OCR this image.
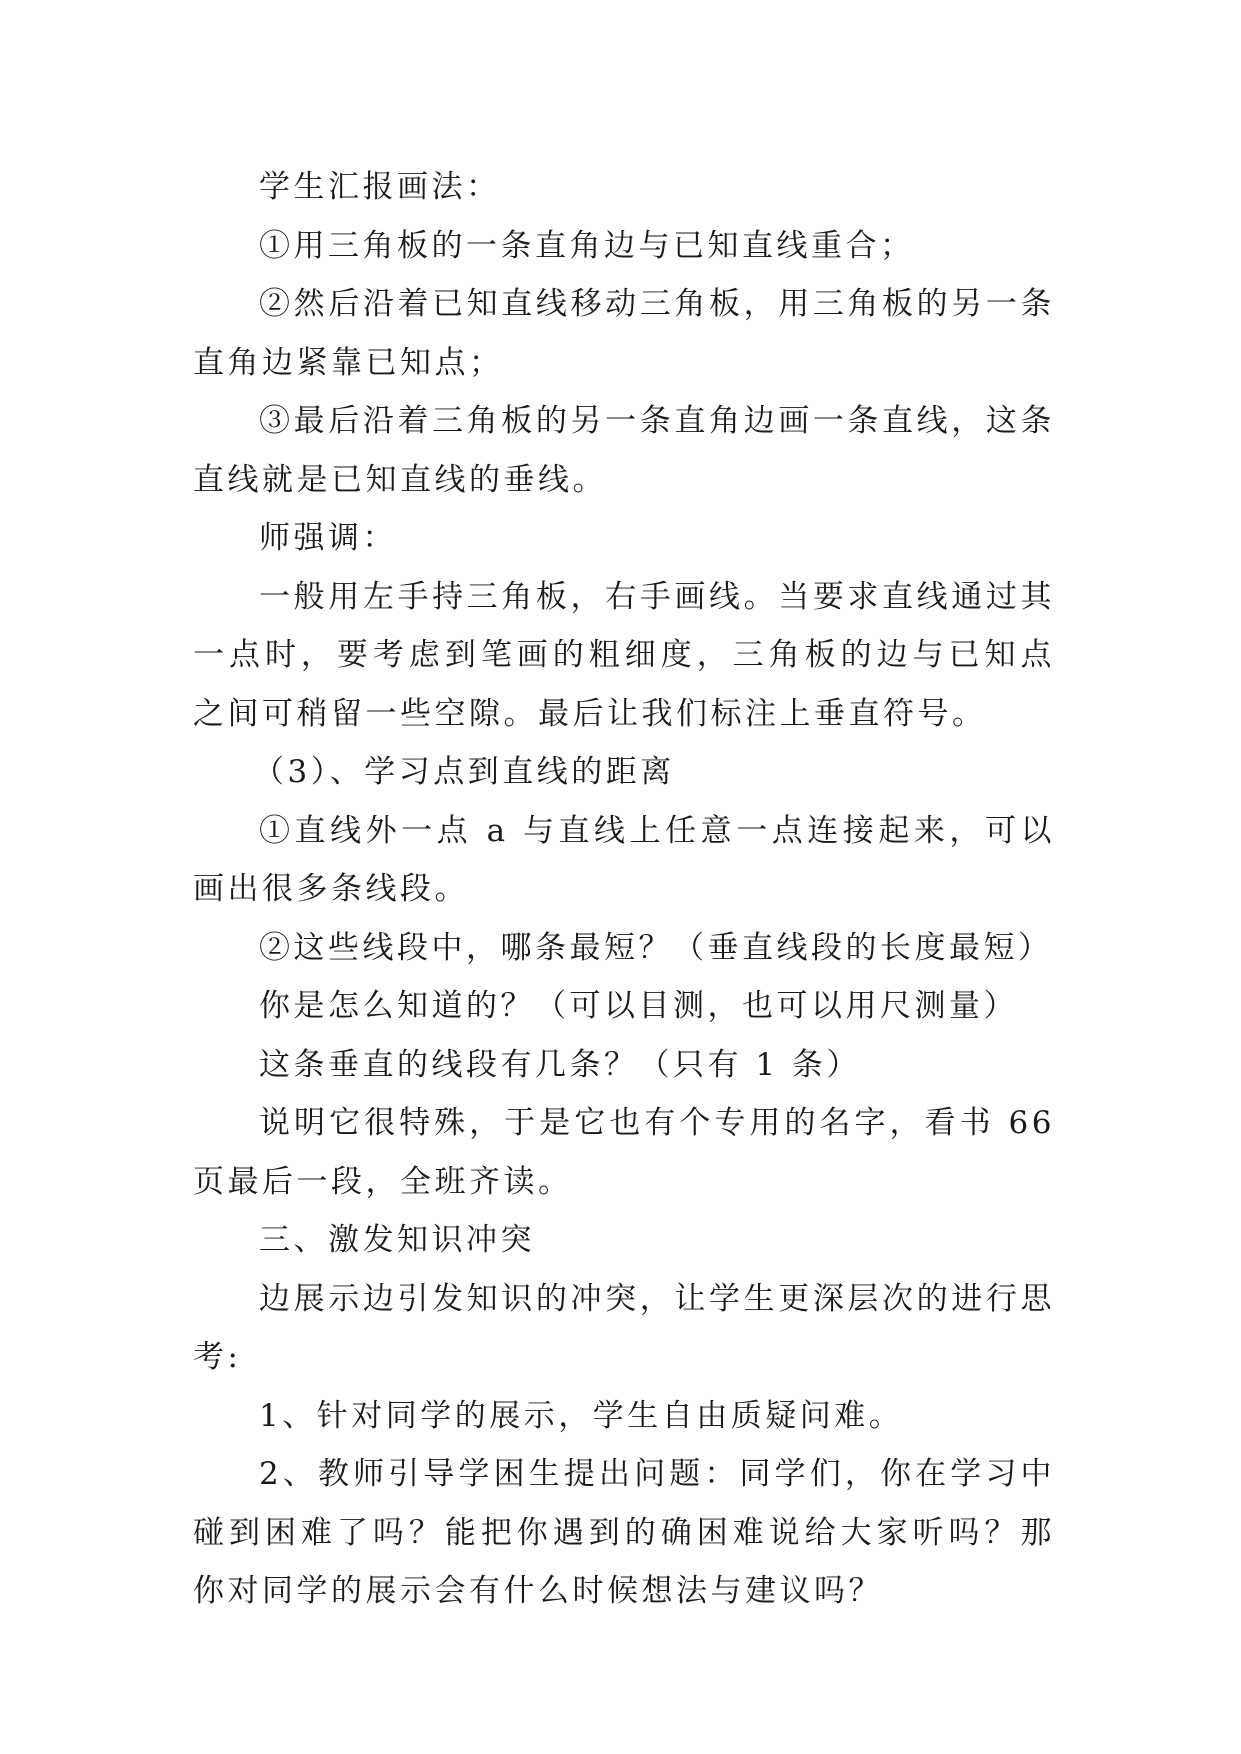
学生汇报画法：

①用三角板的一条直角边与已知直线重合；

②然后沿着已知直线移动三角板，用三角板的另一条直角边紧靠已知点；

③最后沿着三角板的另一条直角边画一条直线，这条直线就是已知直线的垂线。

师强调：

一般用左手持三角板，右手画线。当要求直线通过其一点时，要考虑到笔画的粗细度，三角板的边与已知点之间可稍留一些空隙。最后让我们标注上垂直符号。

（3）、学习点到直线的距离

①直线外一点 a 与直线上任意一点连接起来，可以画出很多条线段。

②这些线段中，哪条最短？（垂直线段的长度最短）

你是怎么知道的？（可以目测，也可以用尺测量）

这条垂直的线段有几条？（只有 1 条）

说明它很特殊，于是它也有个专用的名字，看书 66 页最后一段，全班齐读。

三、激发知识冲突

边展示边引发知识的冲突，让学生更深层次的进行思考:

1、针对同学的展示，学生自由质疑问难。

2、教师引导学困生提出问题：同学们，你在学习中碰到困难了吗？能把你遇到的确困难说给大家听吗？那你对同学的展示会有什么时候想法与建议吗？
